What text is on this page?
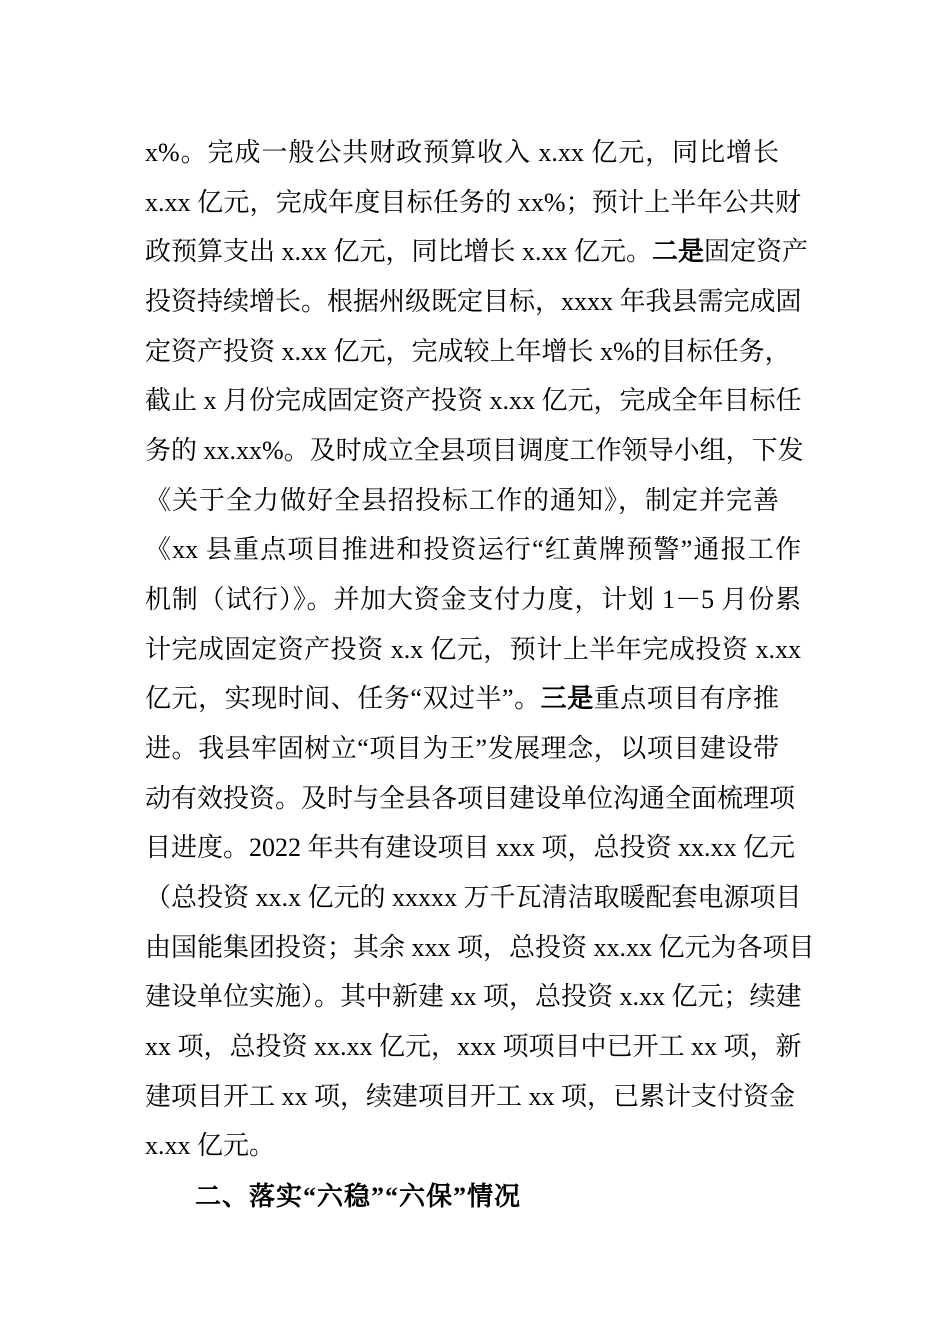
x%。完成一般公共财政预算收入 x.xx 亿元，同比增长
x.xx 亿元，完成年度目标任务的 xx%；预计上半年公共财
政预算支出 x.xx 亿元，同比增长 x.xx 亿元。二是固定资产
投资持续增长。根据州级既定目标，xxxx 年我县需完成固
定资产投资 x.xx 亿元，完成较上年增长 x%的目标任务，
截止 x 月份完成固定资产投资 x.xx 亿元，完成全年目标任
务的 xx.xx%。及时成立全县项目调度工作领导小组，下发
《关于全力做好全县招投标工作的通知》，制定并完善
《xx 县重点项目推进和投资运行“红黄牌预警”通报工作
机制（试行）》。并加大资金支付力度，计划 1－5 月份累
计完成固定资产投资 x.x 亿元，预计上半年完成投资 x.xx
亿元，实现时间、任务“双过半”。三是重点项目有序推
进。我县牢固树立“项目为王”发展理念，以项目建设带
动有效投资。及时与全县各项目建设单位沟通全面梳理项
目进度。2022 年共有建设项目 xxx 项，总投资 xx.xx 亿元
（总投资 xx.x 亿元的 xxxxx 万千瓦清洁取暖配套电源项目
由国能集团投资；其余 xxx 项，总投资 xx.xx 亿元为各项目
建设单位实施）。其中新建 xx 项，总投资 x.xx 亿元；续建
xx 项，总投资 xx.xx 亿元，xxx 项项目中已开工 xx 项，新
建项目开工 xx 项，续建项目开工 xx 项，已累计支付资金
x.xx 亿元。
二、落实“六稳”“六保”情况
